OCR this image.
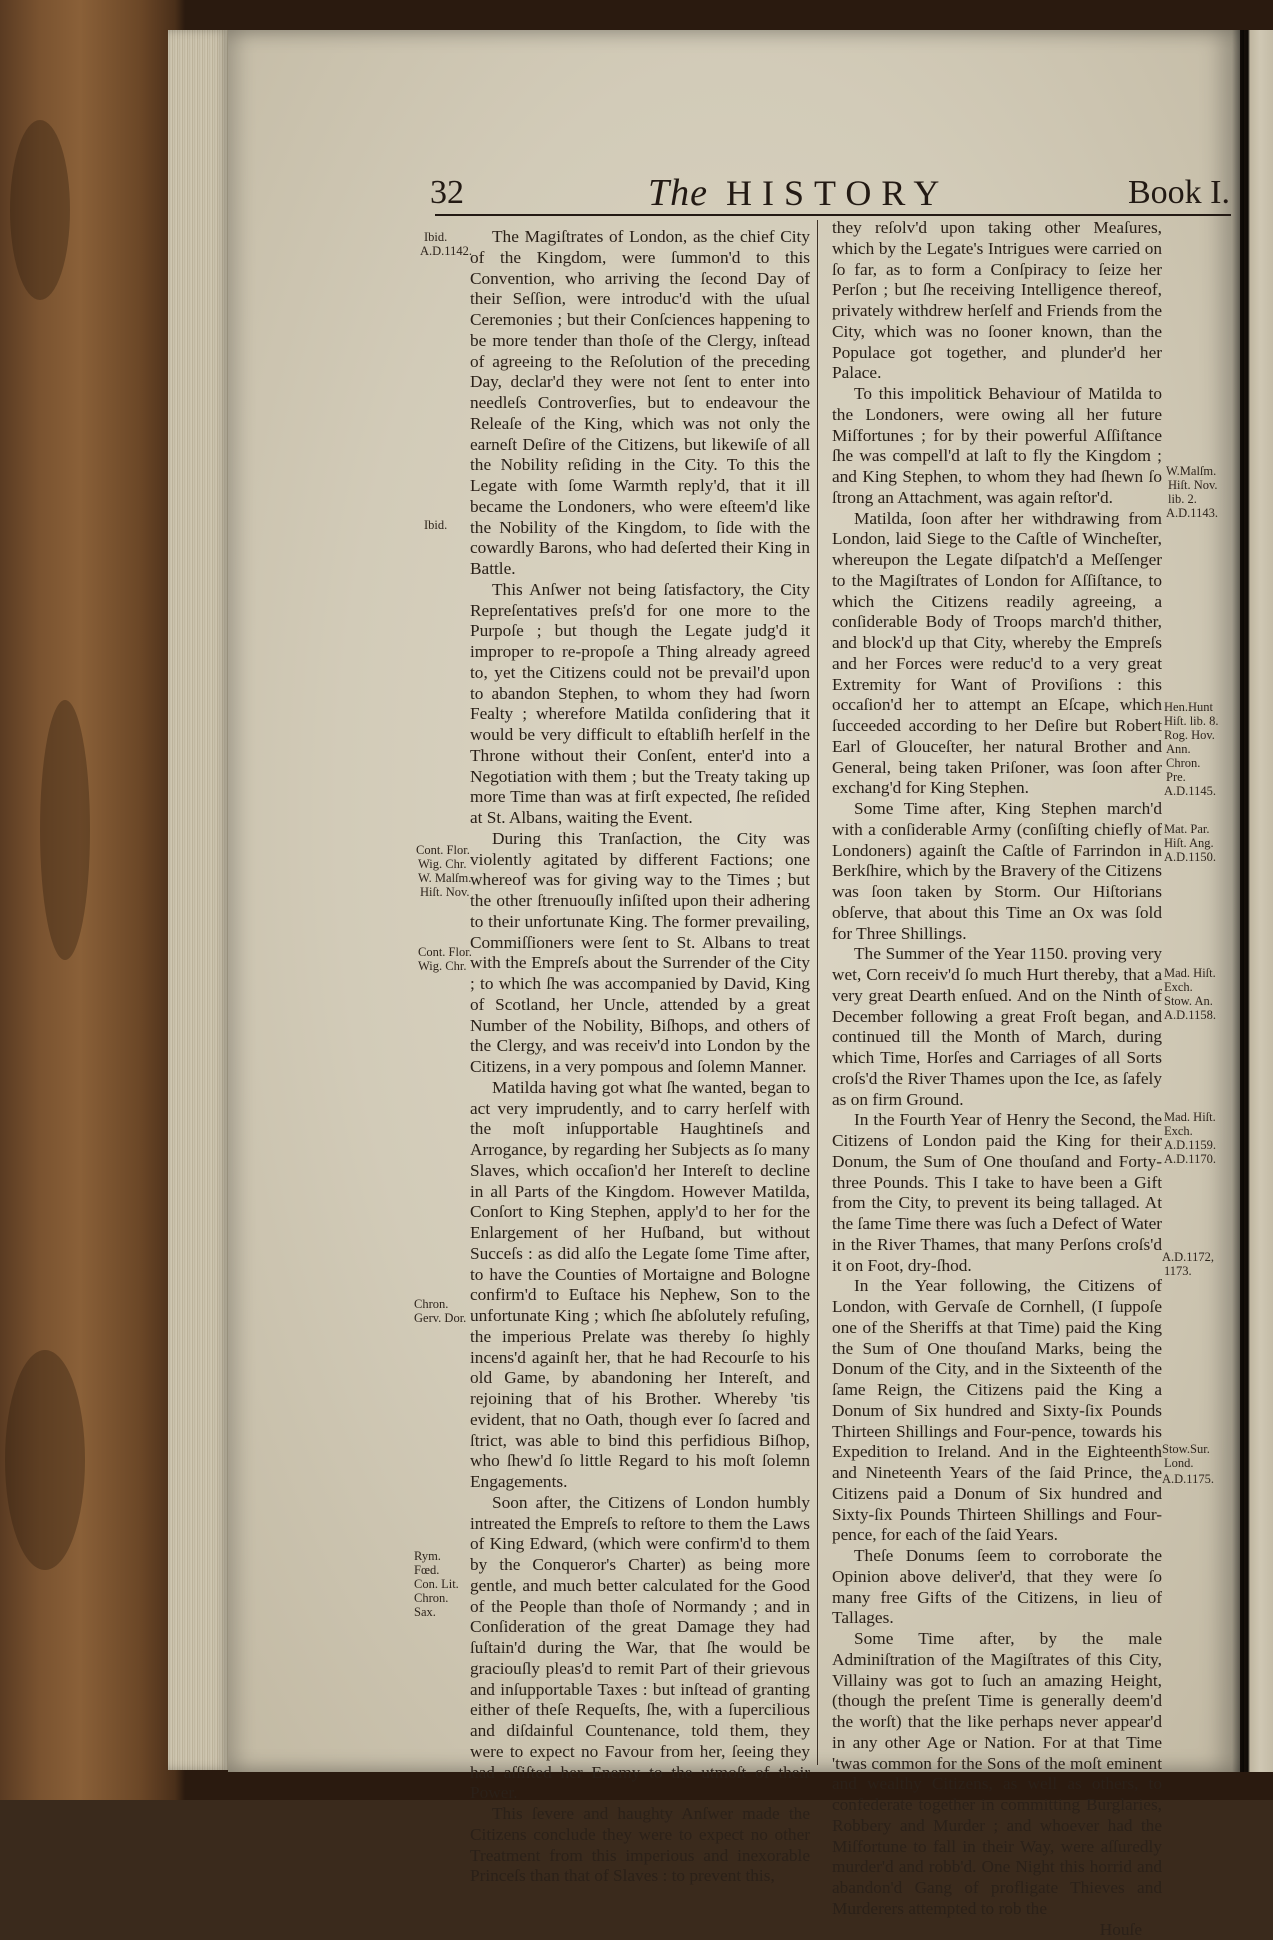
32	The HISTORY	Book I.

The Magiſtrates of London, as the chief City of the Kingdom, were ſummon'd to this Convention, who arriving the ſecond Day of their Seſſion, were introduc'd with the uſual Ceremonies ; but their Conſciences happening to be more tender than thoſe of the Clergy, inſtead of agreeing to the Reſolution of the preceding Day, declar'd they were not ſent to enter into needleſs Controverſies, but to endeavour the Releaſe of the King, which was not only the earneſt Deſire of the Citizens, but likewiſe of all the Nobility reſiding in the City. To this the Legate with ſome Warmth reply'd, that it ill became the Londoners, who were eſteem'd like the Nobility of the Kingdom, to ſide with the cowardly Barons, who had deſerted their King in Battle.

This Anſwer not being ſatisfactory, the City Repreſentatives preſs'd for one more to the Purpoſe ; but though the Legate judg'd it improper to re-propoſe a Thing already agreed to, yet the Citizens could not be prevail'd upon to abandon Stephen, to whom they had ſworn Fealty ; wherefore Matilda conſidering that it would be very difficult to eſtabliſh herſelf in the Throne without their Conſent, enter'd into a Negotiation with them ; but the Treaty taking up more Time than was at firſt expected, ſhe reſided at St. Albans, waiting the Event.

During this Tranſaction, the City was violently agitated by different Factions; one whereof was for giving way to the Times ; but the other ſtrenuouſly inſiſted upon their adhering to their unfortunate King. The former prevailing, Commiſſioners were ſent to St. Albans to treat with the Empreſs about the Surrender of the City ; to which ſhe was accompanied by David, King of Scotland, her Uncle, attended by a great Number of the Nobility, Biſhops, and others of the Clergy, and was receiv'd into London by the Citizens, in a very pompous and ſolemn Manner.

Matilda having got what ſhe wanted, began to act very imprudently, and to carry herſelf with the moſt inſupportable Haughtineſs and Arrogance, by regarding her Subjects as ſo many Slaves, which occaſion'd her Intereſt to decline in all Parts of the Kingdom. However Matilda, Conſort to King Stephen, apply'd to her for the Enlargement of her Huſband, but without Succeſs : as did alſo the Legate ſome Time after, to have the Counties of Mortaigne and Bologne confirm'd to Euſtace his Nephew, Son to the unfortunate King ; which ſhe abſolutely refuſing, the imperious Prelate was thereby ſo highly incens'd againſt her, that he had Recourſe to his old Game, by abandoning her Intereſt, and rejoining that of his Brother. Whereby 'tis evident, that no Oath, though ever ſo ſacred and ſtrict, was able to bind this perfidious Biſhop, who ſhew'd ſo little Regard to his moſt ſolemn Engagements.

Soon after, the Citizens of London humbly intreated the Empreſs to reſtore to them the Laws of King Edward, (which were confirm'd to them by the Conqueror's Charter) as being more gentle, and much better calculated for the Good of the People than thoſe of Normandy ; and in Conſideration of the great Damage they had ſuſtain'd during the War, that ſhe would be graciouſly pleas'd to remit Part of their grievous and inſupportable Taxes : but inſtead of granting either of theſe Requeſts, ſhe, with a ſupercilious and diſdainful Countenance, told them, they were to expect no Favour from her, ſeeing they had aſſiſted her Enemy to the utmoſt of their Power.

This ſevere and haughty Anſwer made the Citizens conclude they were to expect no other Treatment from this imperious and inexorable Princeſs than that of Slaves : to prevent this,

they reſolv'd upon taking other Meaſures, which by the Legate's Intrigues were carried on ſo far, as to form a Conſpiracy to ſeize her Perſon ; but ſhe receiving Intelligence thereof, privately withdrew herſelf and Friends from the City, which was no ſooner known, than the Populace got together, and plunder'd her Palace.

To this impolitick Behaviour of Matilda to the Londoners, were owing all her future Miſfortunes ; for by their powerful Aſſiſtance ſhe was compell'd at laſt to fly the Kingdom ; and King Stephen, to whom they had ſhewn ſo ſtrong an Attachment, was again reſtor'd.

Matilda, ſoon after her withdrawing from London, laid Siege to the Caſtle of Wincheſter, whereupon the Legate diſpatch'd a Meſſenger to the Magiſtrates of London for Aſſiſtance, to which the Citizens readily agreeing, a conſiderable Body of Troops march'd thither, and block'd up that City, whereby the Empreſs and her Forces were reduc'd to a very great Extremity for Want of Proviſions : this occaſion'd her to attempt an Eſcape, which ſucceeded according to her Deſire but Robert Earl of Glouceſter, her natural Brother and General, being taken Priſoner, was ſoon after exchang'd for King Stephen.

Some Time after, King Stephen march'd with a conſiderable Army (conſiſting chiefly of Londoners) againſt the Caſtle of Farrindon in Berkſhire, which by the Bravery of the Citizens was ſoon taken by Storm. Our Hiſtorians obſerve, that about this Time an Ox was ſold for Three Shillings.

The Summer of the Year 1150. proving very wet, Corn receiv'd ſo much Hurt thereby, that a very great Dearth enſued. And on the Ninth of December following a great Froſt began, and continued till the Month of March, during which Time, Horſes and Carriages of all Sorts croſs'd the River Thames upon the Ice, as ſafely as on firm Ground.

In the Fourth Year of Henry the Second, the Citizens of London paid the King for their Donum, the Sum of One thouſand and Forty-three Pounds. This I take to have been a Gift from the City, to prevent its being tallaged. At the ſame Time there was ſuch a Defect of Water in the River Thames, that many Perſons croſs'd it on Foot, dry-ſhod.

In the Year following, the Citizens of London, with Gervaſe de Cornhell, (I ſuppoſe one of the Sheriffs at that Time) paid the King the Sum of One thouſand Marks, being the Donum of the City, and in the Sixteenth of the ſame Reign, the Citizens paid the King a Donum of Six hundred and Sixty-ſix Pounds Thirteen Shillings and Four-pence, towards his Expedition to Ireland. And in the Eighteenth and Nineteenth Years of the ſaid Prince, the Citizens paid a Donum of Six hundred and Sixty-ſix Pounds Thirteen Shillings and Four-pence, for each of the ſaid Years.

Theſe Donums ſeem to corroborate the Opinion above deliver'd, that they were ſo many free Gifts of the Citizens, in lieu of Tallages.

Some Time after, by the male Adminiſtration of the Magiſtrates of this City, Villainy was got to ſuch an amazing Height, (though the preſent Time is generally deem'd the worſt) that the like perhaps never appear'd in any other Age or Nation. For at that Time 'twas common for the Sons of the moſt eminent and wealthy Citizens, as well as others, to confederate together in committing Burglaries, Robbery and Murder ; and whoever had the Miſfortune to fall in their Way, were aſſuredly murder'd and robb'd. One Night this horrid and abandon'd Gang of profligate Thieves and Murderers attempted to rob the

Houſe

Ibid.
A.D.1142.
Ibid.
Cont. Flor.
Wig. Chr.
W. Malſm.
Hiſt. Nov.
Cont. Flor.
Wig. Chr.
Chron.
Gerv. Dor.
Rym.
Fœd.
Con. Lit.
Chron.
Sax.
W.Malſm.
Hiſt. Nov.
lib. 2.
A.D.1143.
Hen.Hunt
Hiſt. lib. 8.
Rog. Hov.
Ann.
Chron.
Pre.
A.D.1145.
Mat. Par.
Hiſt. Ang.
A.D.1150.
Mad. Hiſt.
Exch.
Stow. An.
A.D.1158.
Mad. Hiſt.
Exch.
A.D.1159.
A.D.1170.
A.D.1172,
1173.
Stow.Sur.
Lond.
A.D.1175.
